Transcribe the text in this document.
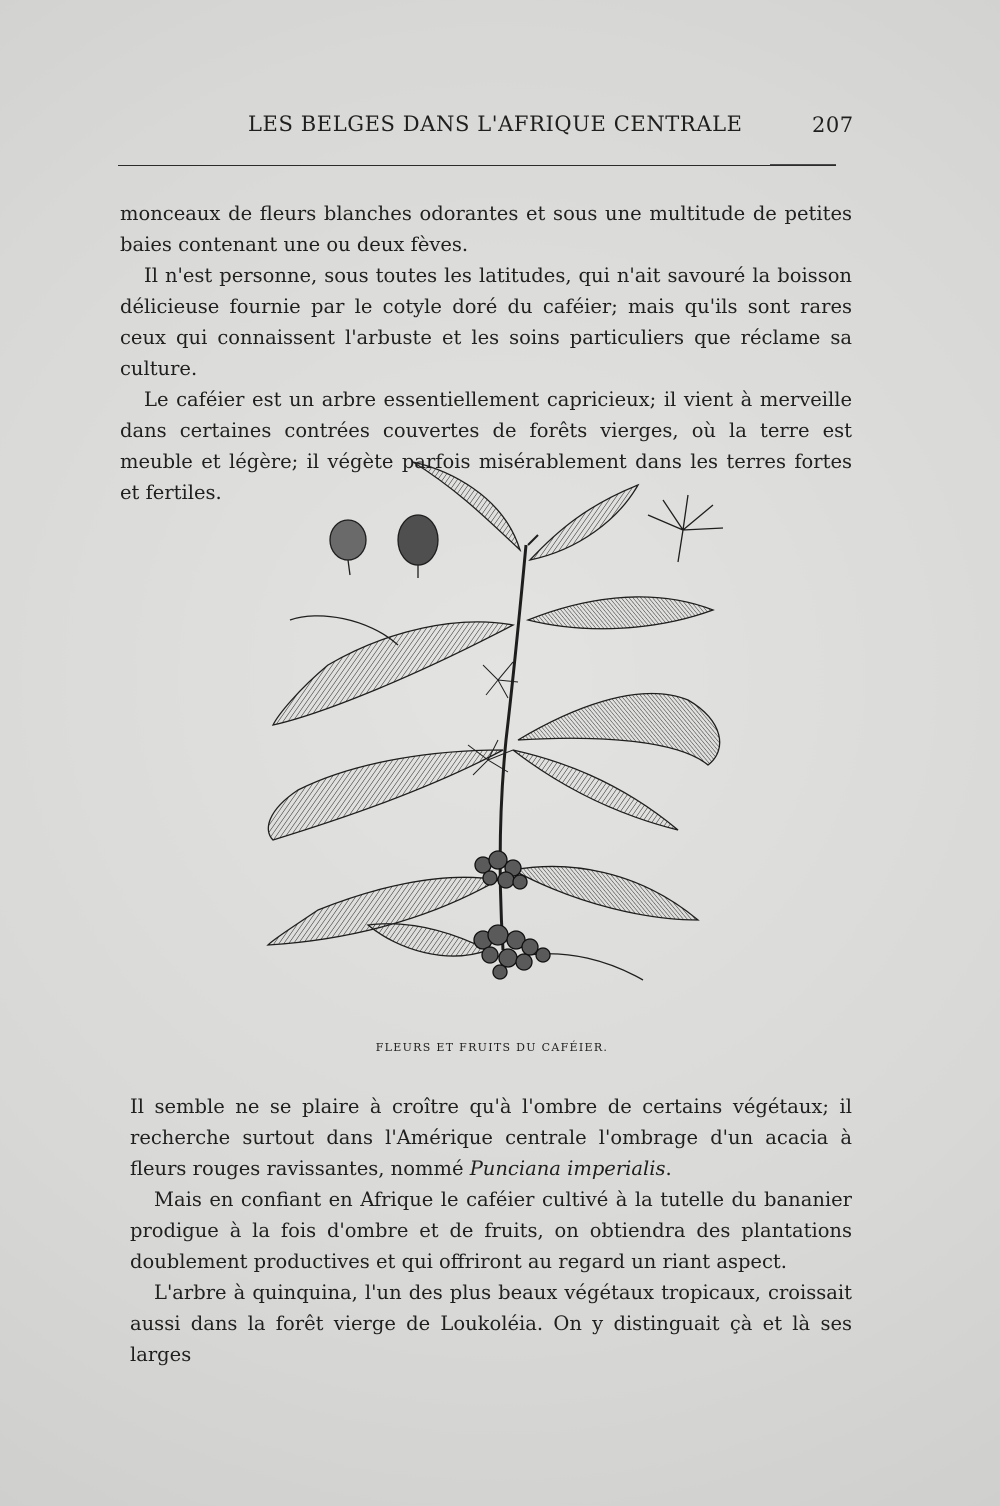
LES BELGES DANS L'AFRIQUE CENTRALE	207

monceaux de fleurs blanches odorantes et sous une multitude de petites baies contenant une ou deux fèves.

Il n'est personne, sous toutes les latitudes, qui n'ait savouré la boisson délicieuse fournie par le cotyle doré du caféier; mais qu'ils sont rares ceux qui connaissent l'arbuste et les soins particuliers que réclame sa culture.

Le caféier est un arbre essentiellement capricieux; il vient à merveille dans certaines contrées couvertes de forêts vierges, où la terre est meuble et légère; il végète parfois misérablement dans les terres fortes et fertiles.

FLEURS ET FRUITS DU CAFÉIER.

Il semble ne se plaire à croître qu'à l'ombre de certains végétaux; il recherche surtout dans l'Amérique centrale l'ombrage d'un acacia à fleurs rouges ravissantes, nommé Punciana imperialis.

Mais en confiant en Afrique le caféier cultivé à la tutelle du bananier prodigue à la fois d'ombre et de fruits, on obtiendra des plantations doublement productives et qui offriront au regard un riant aspect.

L'arbre à quinquina, l'un des plus beaux végétaux tropicaux, croissait aussi dans la forêt vierge de Loukoléia. On y distinguait çà et là ses larges
